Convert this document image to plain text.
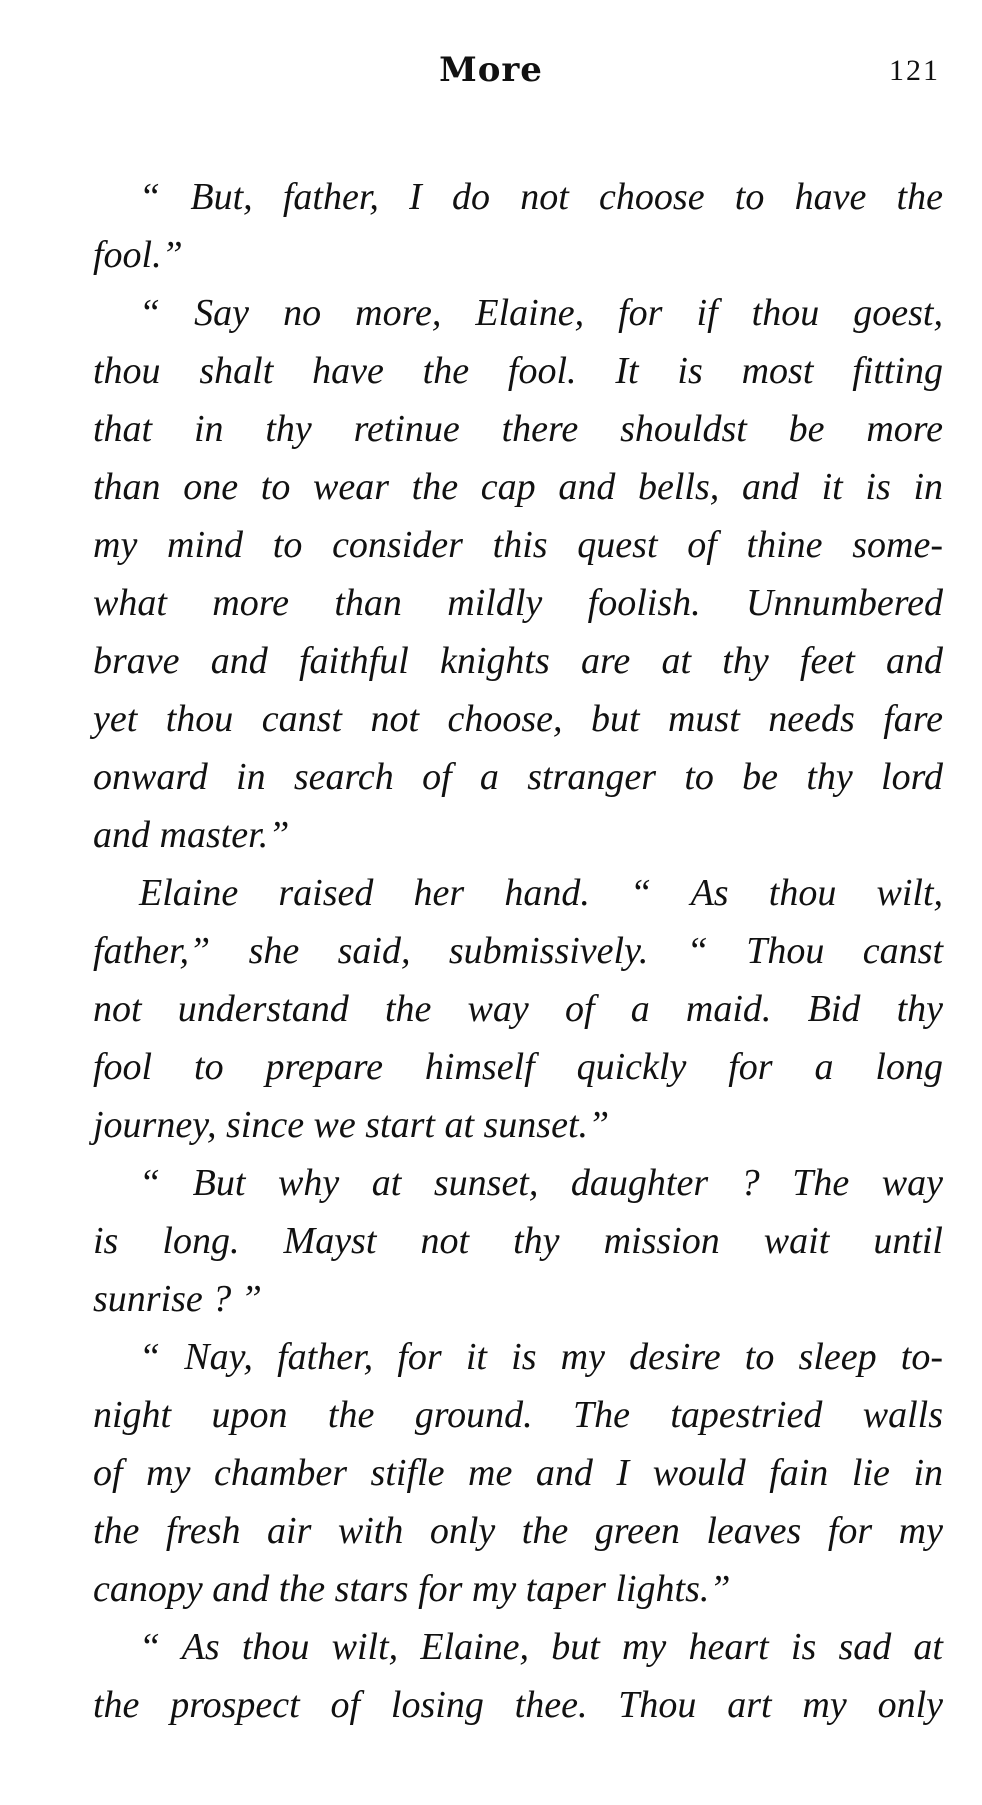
More	121
“ But, father, I do not choose to have the
fool.”
“ Say no more, Elaine, for if thou goest,
thou shalt have the fool. It is most fitting
that in thy retinue there shouldst be more
than one to wear the cap and bells, and it is in
my mind to consider this quest of thine some-
what more than mildly foolish. Unnumbered
brave and faithful knights are at thy feet and
yet thou canst not choose, but must needs fare
onward in search of a stranger to be thy lord
and master.”
Elaine raised her hand. “ As thou wilt,
father,” she said, submissively. “ Thou canst
not understand the way of a maid. Bid thy
fool to prepare himself quickly for a long
journey, since we start at sunset.”
“ But why at sunset, daughter ? The way
is long. Mayst not thy mission wait until
sunrise ? ”
“ Nay, father, for it is my desire to sleep to-
night upon the ground. The tapestried walls
of my chamber stifle me and I would fain lie in
the fresh air with only the green leaves for my
canopy and the stars for my taper lights.”
“ As thou wilt, Elaine, but my heart is sad at
the prospect of losing thee. Thou art my only
